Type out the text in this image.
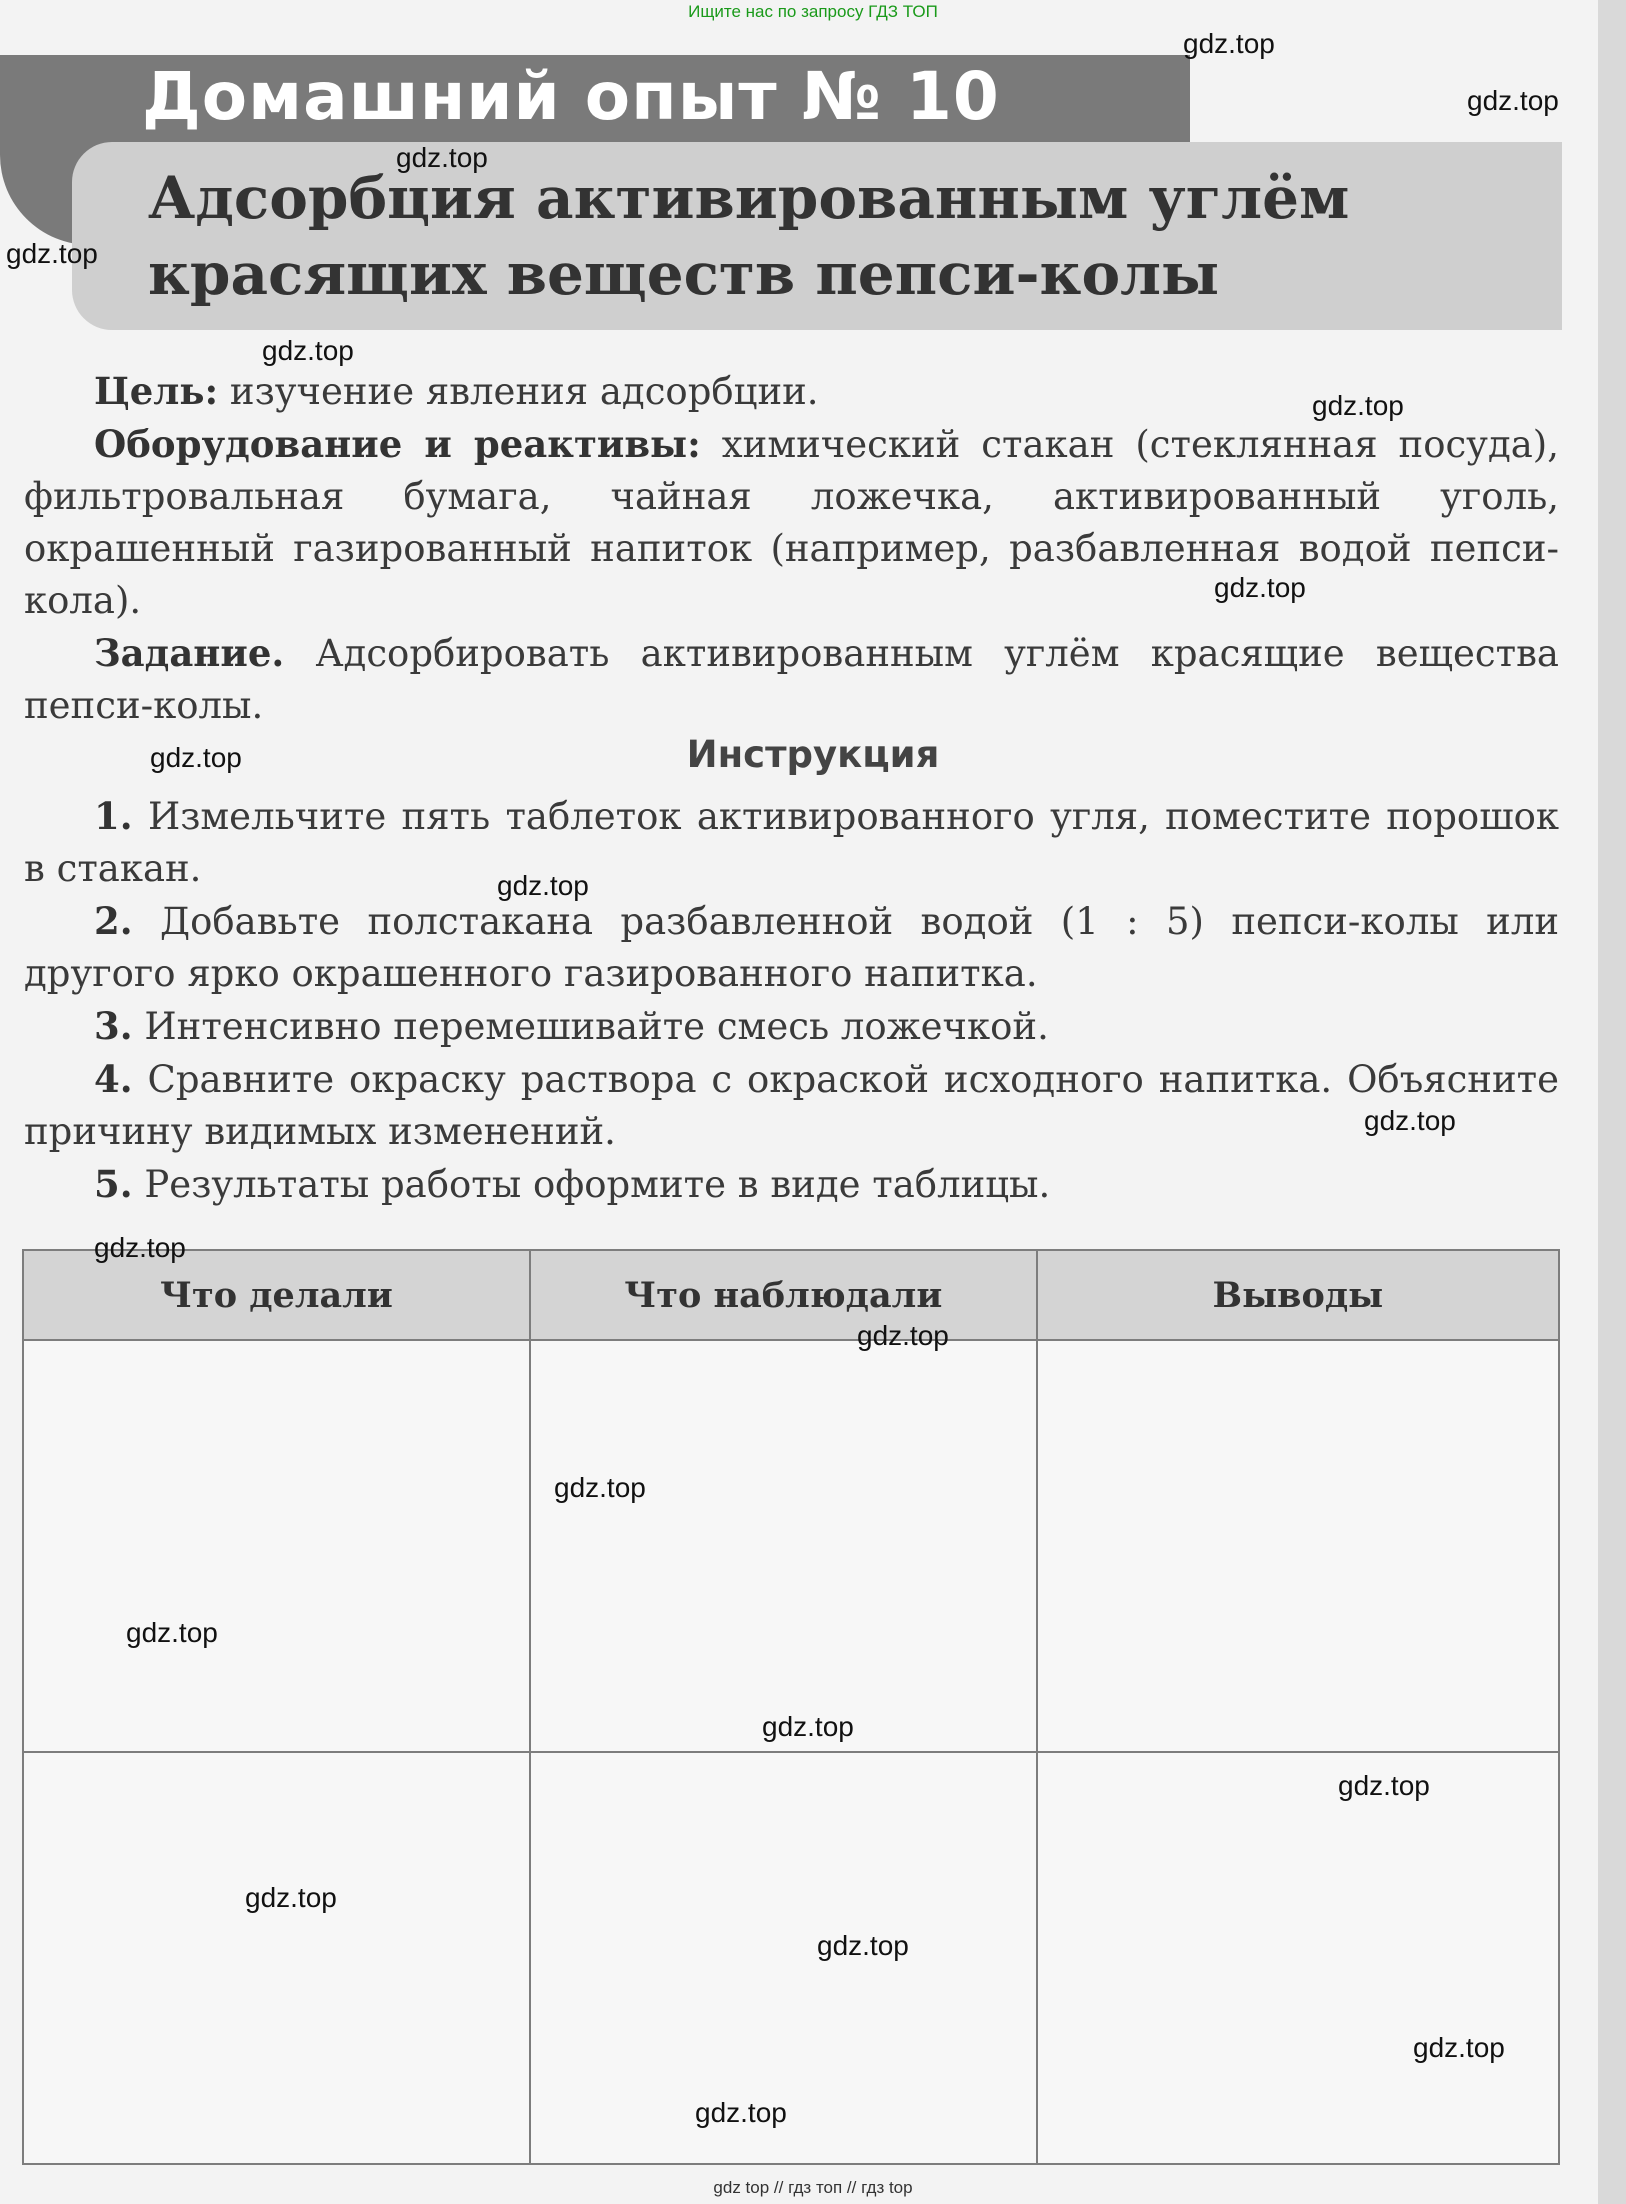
Ищите нас по запросу ГДЗ ТОП
Домашний опыт № 10
Адсорбция активированным углём
красящих веществ пепси-колы

Цель: изучение явления адсорбции.

Оборудование и реактивы: химический стакан (стеклянная посуда), фильтровальная бумага, чайная ложечка, активированный уголь, окрашенный газированный напиток (например, разбавленная водой пепси-кола).

Задание. Адсорбировать активированным углём красящие вещества пепси-колы.

Инструкция

1. Измельчите пять таблеток активированного угля, поместите порошок в стакан.

2. Добавьте полстакана разбавленной водой (1 : 5) пепси-колы или другого ярко окрашенного газированного напитка.

3. Интенсивно перемешивайте смесь ложечкой.

4. Сравните окраску раствора с окраской исходного напитка. Объясните причину видимых изменений.

5. Результаты работы оформите в виде таблицы.

Что делали	Что наблюдали	Выводы

gdz.top
gdz.top
gdz.top
gdz.top
gdz.top
gdz.top
gdz.top
gdz.top
gdz.top
gdz.top
gdz.top
gdz.top
gdz.top
gdz.top
gdz.top
gdz.top
gdz.top
gdz.top
gdz.top
gdz.top
gdz top // гдз топ // гдз top
